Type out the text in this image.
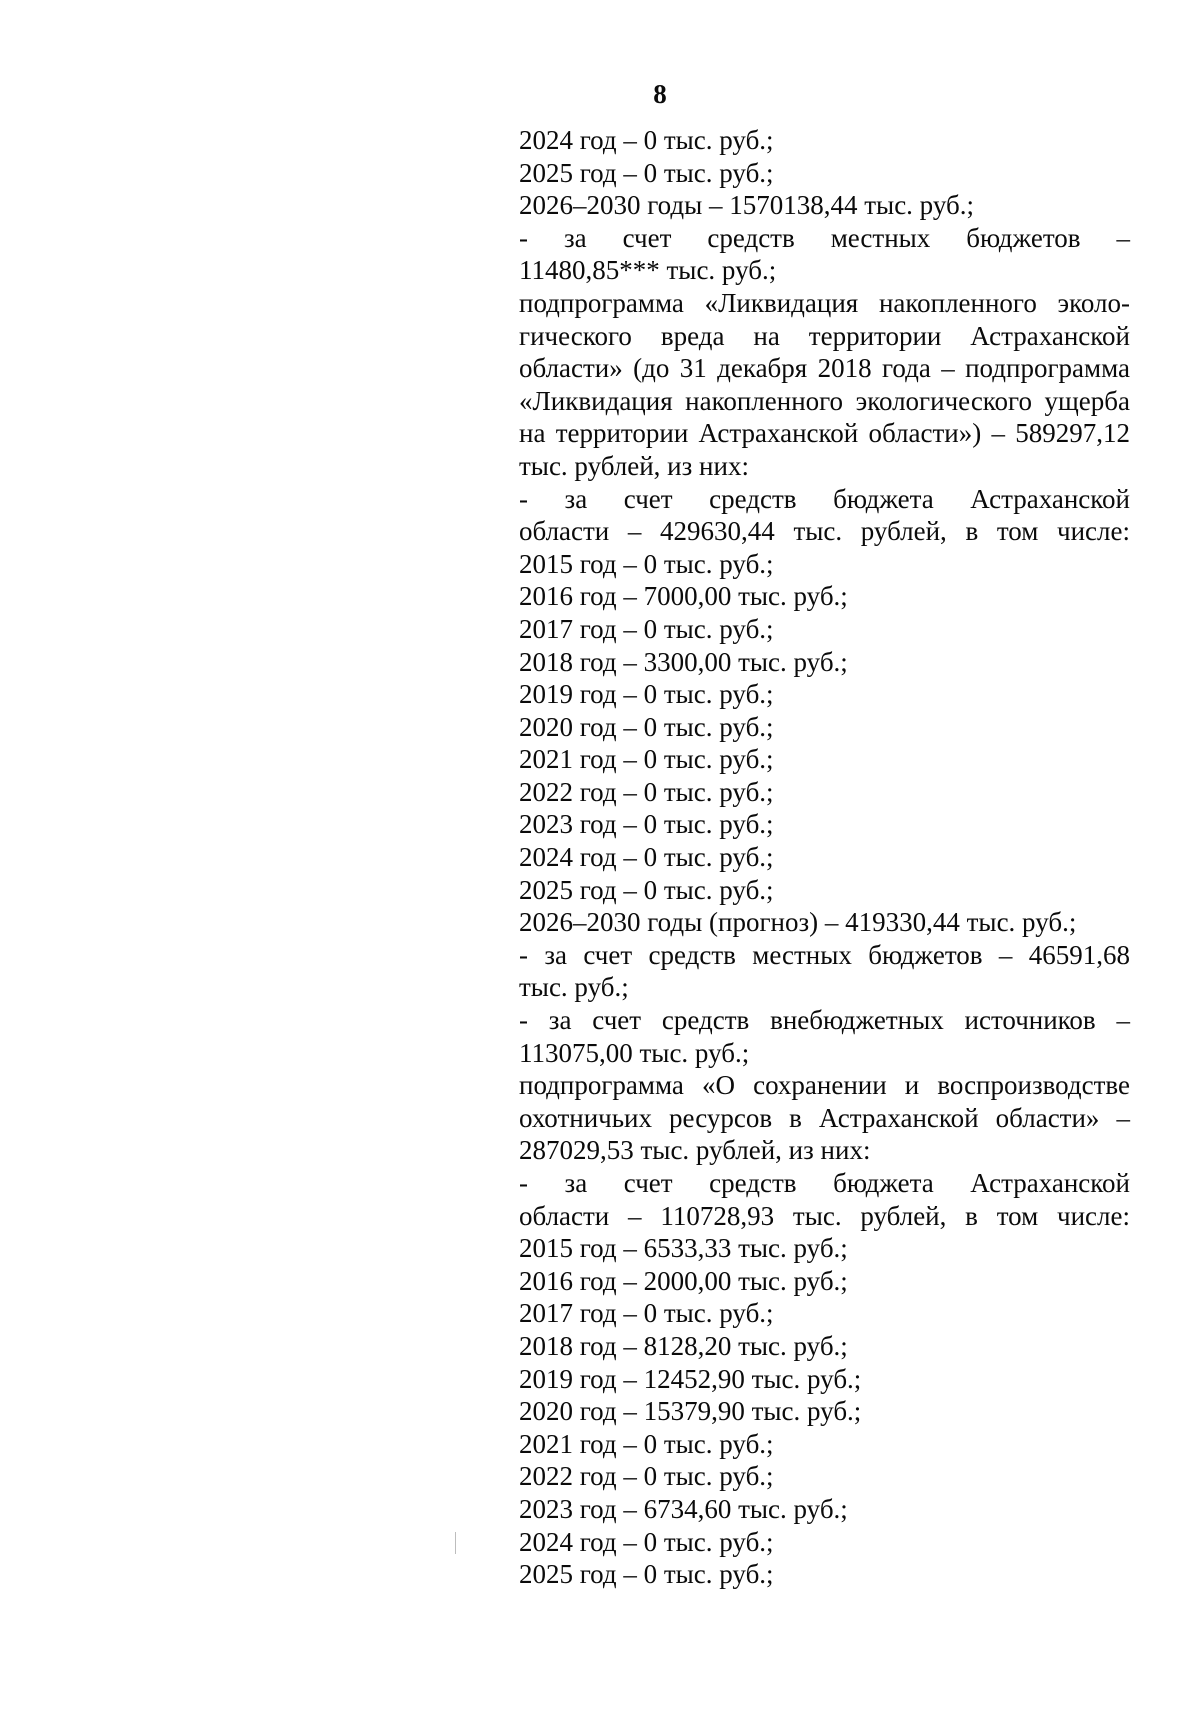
8
2024 год – 0 тыс. руб.;
2025 год – 0 тыс. руб.;
2026–2030 годы – 1570138,44 тыс. руб.;
- за счет средств местных бюджетов –
11480,85*** тыс. руб.;
подпрограмма «Ликвидация накопленного эколо-
гического вреда на территории Астраханской
области» (до 31 декабря 2018 года – подпрограмма
«Ликвидация накопленного экологического ущерба
на территории Астраханской области») – 589297,12
тыс. рублей, из них:
- за счет средств бюджета Астраханской
области – 429630,44 тыс. рублей, в том числе:
2015 год – 0 тыс. руб.;
2016 год – 7000,00 тыс. руб.;
2017 год – 0 тыс. руб.;
2018 год – 3300,00 тыс. руб.;
2019 год – 0 тыс. руб.;
2020 год – 0 тыс. руб.;
2021 год – 0 тыс. руб.;
2022 год – 0 тыс. руб.;
2023 год – 0 тыс. руб.;
2024 год – 0 тыс. руб.;
2025 год – 0 тыс. руб.;
2026–2030 годы (прогноз) – 419330,44 тыс. руб.;
- за счет средств местных бюджетов – 46591,68
тыс. руб.;
- за счет средств внебюджетных источников –
113075,00 тыс. руб.;
подпрограмма «О сохранении и воспроизводстве
охотничьих ресурсов в Астраханской области» –
287029,53 тыс. рублей, из них:
- за счет средств бюджета Астраханской
области – 110728,93 тыс. рублей, в том числе:
2015 год – 6533,33 тыс. руб.;
2016 год – 2000,00 тыс. руб.;
2017 год – 0 тыс. руб.;
2018 год – 8128,20 тыс. руб.;
2019 год – 12452,90 тыс. руб.;
2020 год – 15379,90 тыс. руб.;
2021 год – 0 тыс. руб.;
2022 год – 0 тыс. руб.;
2023 год – 6734,60 тыс. руб.;
2024 год – 0 тыс. руб.;
2025 год – 0 тыс. руб.;
